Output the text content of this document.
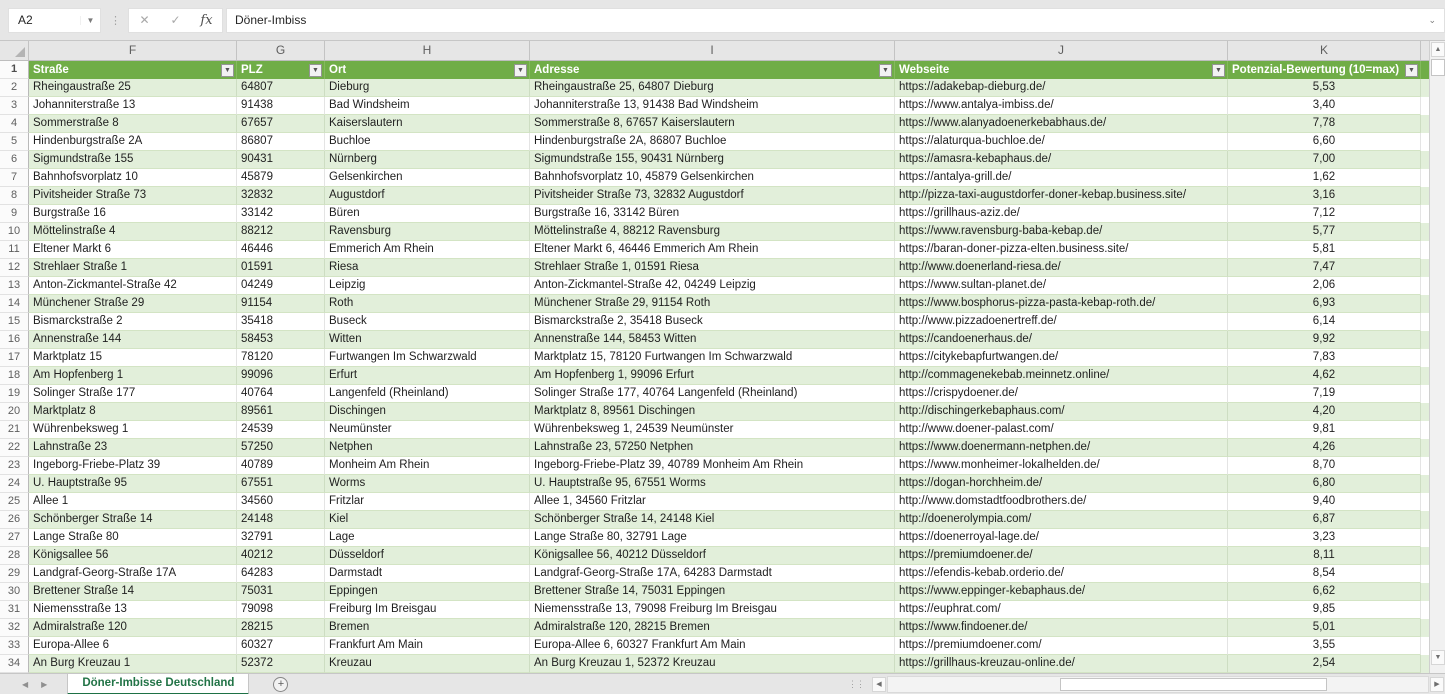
A2	▼	⋮	✕	✓	fx	Döner-Imbiss	⌄
F	G	H	I	J	K
1	Straße	▼ PLZ	▼ Ort	▼ Adresse	▼ Webseite	▼ Potenzial-Bewertung (10=max)	▼
2	Rheingaustraße 25	64807	Dieburg	Rheingaustraße 25, 64807 Dieburg	https://adakebap-dieburg.de/	5,53
3	Johanniterstraße 13	91438	Bad Windsheim	Johanniterstraße 13, 91438 Bad Windsheim	https://www.antalya-imbiss.de/	3,40
4	Sommerstraße 8	67657	Kaiserslautern	Sommerstraße 8, 67657 Kaiserslautern	https://www.alanyadoenerkebabhaus.de/	7,78
5	Hindenburgstraße 2A	86807	Buchloe	Hindenburgstraße 2A, 86807 Buchloe	https://alaturqua-buchloe.de/	6,60
6	Sigmundstraße 155	90431	Nürnberg	Sigmundstraße 155, 90431 Nürnberg	https://amasra-kebaphaus.de/	7,00
7	Bahnhofsvorplatz 10	45879	Gelsenkirchen	Bahnhofsvorplatz 10, 45879 Gelsenkirchen	https://antalya-grill.de/	1,62
8	Pivitsheider Straße 73	32832	Augustdorf	Pivitsheider Straße 73, 32832 Augustdorf	http://pizza-taxi-augustdorfer-doner-kebap.business.site/	3,16
9	Burgstraße 16	33142	Büren	Burgstraße 16, 33142 Büren	https://grillhaus-aziz.de/	7,12
10	Möttelinstraße 4	88212	Ravensburg	Möttelinstraße 4, 88212 Ravensburg	https://www.ravensburg-baba-kebap.de/	5,77
11	Eltener Markt 6	46446	Emmerich Am Rhein	Eltener Markt 6, 46446 Emmerich Am Rhein	https://baran-doner-pizza-elten.business.site/	5,81
12	Strehlaer Straße 1	01591	Riesa	Strehlaer Straße 1, 01591 Riesa	http://www.doenerland-riesa.de/	7,47
13	Anton-Zickmantel-Straße 42	04249	Leipzig	Anton-Zickmantel-Straße 42, 04249 Leipzig	https://www.sultan-planet.de/	2,06
14	Münchener Straße 29	91154	Roth	Münchener Straße 29, 91154 Roth	https://www.bosphorus-pizza-pasta-kebap-roth.de/	6,93
15	Bismarckstraße 2	35418	Buseck	Bismarckstraße 2, 35418 Buseck	http://www.pizzadoenertreff.de/	6,14
16	Annenstraße 144	58453	Witten	Annenstraße 144, 58453 Witten	https://candoenerhaus.de/	9,92
17	Marktplatz 15	78120	Furtwangen Im Schwarzwald	Marktplatz 15, 78120 Furtwangen Im Schwarzwald	https://citykebapfurtwangen.de/	7,83
18	Am Hopfenberg 1	99096	Erfurt	Am Hopfenberg 1, 99096 Erfurt	http://commagenekebab.meinnetz.online/	4,62
19	Solinger Straße 177	40764	Langenfeld (Rheinland)	Solinger Straße 177, 40764 Langenfeld (Rheinland)	https://crispydoener.de/	7,19
20	Marktplatz 8	89561	Dischingen	Marktplatz 8, 89561 Dischingen	http://dischingerkebaphaus.com/	4,20
21	Wührenbeksweg 1	24539	Neumünster	Wührenbeksweg 1, 24539 Neumünster	http://www.doener-palast.com/	9,81
22	Lahnstraße 23	57250	Netphen	Lahnstraße 23, 57250 Netphen	https://www.doenermann-netphen.de/	4,26
23	Ingeborg-Friebe-Platz 39	40789	Monheim Am Rhein	Ingeborg-Friebe-Platz 39, 40789 Monheim Am Rhein	https://www.monheimer-lokalhelden.de/	8,70
24	U. Hauptstraße 95	67551	Worms	U. Hauptstraße 95, 67551 Worms	https://dogan-horchheim.de/	6,80
25	Allee 1	34560	Fritzlar	Allee 1, 34560 Fritzlar	http://www.domstadtfoodbrothers.de/	9,40
26	Schönberger Straße 14	24148	Kiel	Schönberger Straße 14, 24148 Kiel	http://doenerolympia.com/	6,87
27	Lange Straße 80	32791	Lage	Lange Straße 80, 32791 Lage	https://doenerroyal-lage.de/	3,23
28	Königsallee 56	40212	Düsseldorf	Königsallee 56, 40212 Düsseldorf	https://premiumdoener.de/	8,11
29	Landgraf-Georg-Straße 17A	64283	Darmstadt	Landgraf-Georg-Straße 17A, 64283 Darmstadt	https://efendis-kebab.orderio.de/	8,54
30	Brettener Straße 14	75031	Eppingen	Brettener Straße 14, 75031 Eppingen	https://www.eppinger-kebaphaus.de/	6,62
31	Niemensstraße 13	79098	Freiburg Im Breisgau	Niemensstraße 13, 79098 Freiburg Im Breisgau	https://euphrat.com/	9,85
32	Admiralstraße 120	28215	Bremen	Admiralstraße 120, 28215 Bremen	https://www.findoener.de/	5,01
33	Europa-Allee 6	60327	Frankfurt Am Main	Europa-Allee 6, 60327 Frankfurt Am Main	https://premiumdoener.com/	3,55
34	An Burg Kreuzau 1	52372	Kreuzau	An Burg Kreuzau 1, 52372 Kreuzau	https://grillhaus-kreuzau-online.de/	2,54
▲
▼
◀ ▶	Döner-Imbisse Deutschland	+	⋮⋮	◀	▶
